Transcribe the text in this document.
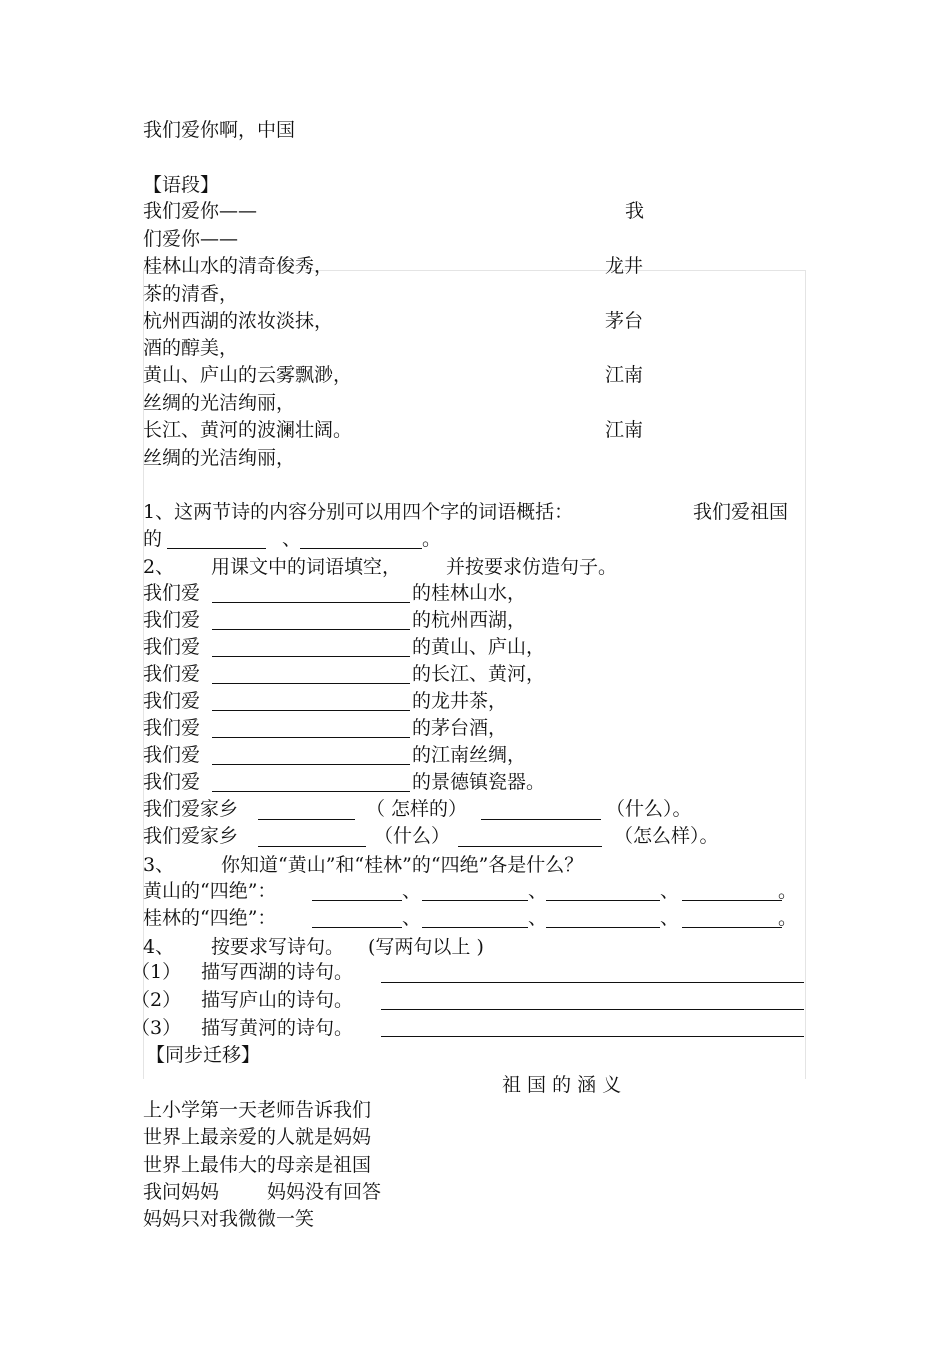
我们爱你啊，中国
【语段】
我们爱你——	我
们爱你——
桂林山水的清奇俊秀，	龙井
茶的清香，
杭州西湖的浓妆淡抹，	茅台
酒的醇美，
黄山、庐山的云雾飘渺，	江南
丝绸的光洁绚丽，
长江、黄河的波澜壮阔。	江南
丝绸的光洁绚丽，
1、这两节诗的内容分别可以用四个字的词语概括：	我们爱祖国
的	、	。
2、 用课文中的词语填空， 并按要求仿造句子。
我们爱	的桂林山水，
我们爱	的杭州西湖，
我们爱	的黄山、庐山，
我们爱	的长江、黄河，
我们爱	的龙井茶，
我们爱	的茅台酒，
我们爱	的江南丝绸，
我们爱	的景德镇瓷器。
我们爱家乡	（ 怎样的）	（什么）。
我们爱家乡	（什么）	（怎么样）。
3、 你知道“黄山”和“桂林”的“四绝”各是什么？
黄山的“四绝”：	、	、	、	。
桂林的“四绝”：	、	、	、	。
4、 按要求写诗句。 (写两句以上 )
（1） 描写西湖的诗句。
（2） 描写庐山的诗句。
（3） 描写黄河的诗句。
【同步迁移】
祖 国 的 涵 义
上小学第一天老师告诉我们
世界上最亲爱的人就是妈妈
世界上最伟大的母亲是祖国
我问妈妈	妈妈没有回答
妈妈只对我微微一笑
